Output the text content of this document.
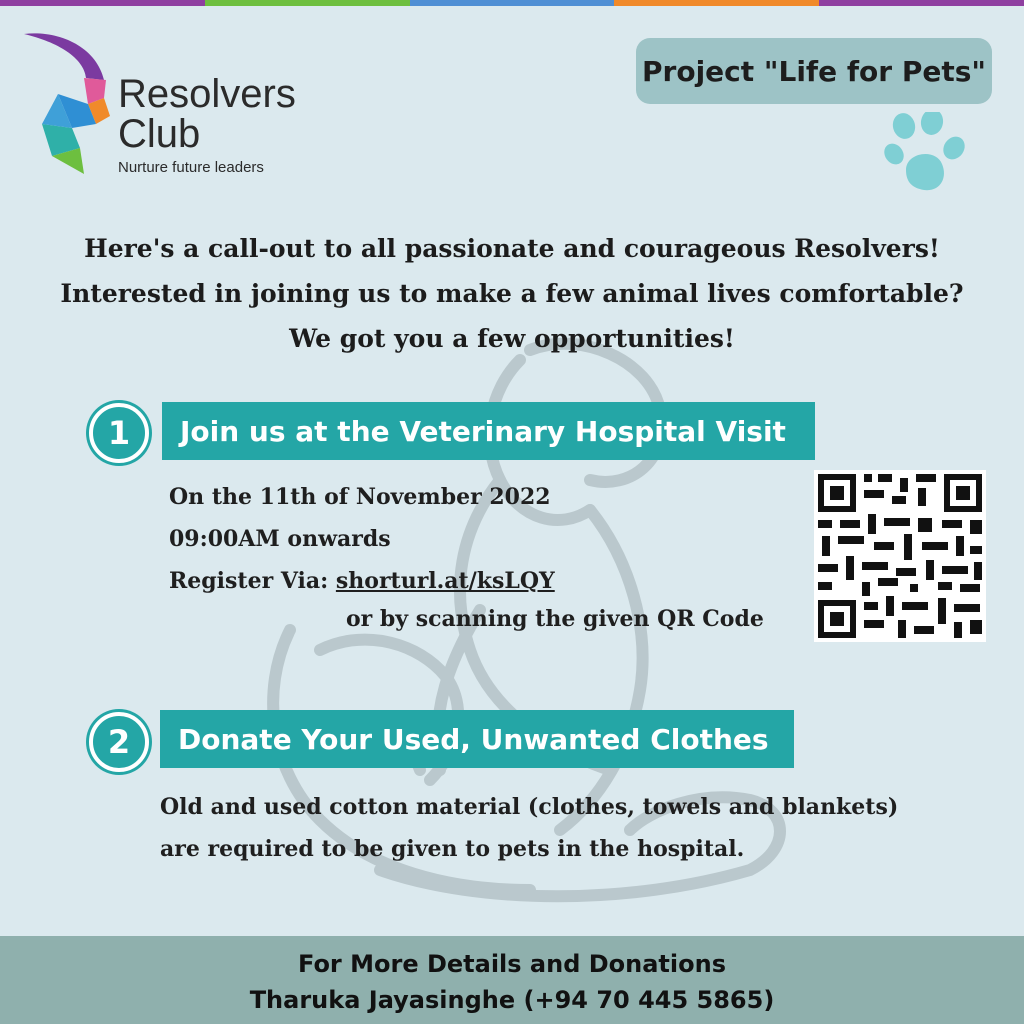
Resolvers
Club
Nurture future leaders
Project "Life for Pets"
Here's a call-out to all passionate and courageous Resolvers!
Interested in joining us to make a few animal lives comfortable?
We got you a few opportunities!
1	Join us at the Veterinary Hospital Visit
On the 11th of November 2022
09:00AM onwards
Register Via: shorturl.at/ksLQY
or by scanning the given QR Code
2	Donate Your Used, Unwanted Clothes
Old and used cotton material (clothes, towels and blankets)
are required to be given to pets in the hospital.
For More Details and Donations
Tharuka Jayasinghe (+94 70 445 5865)
